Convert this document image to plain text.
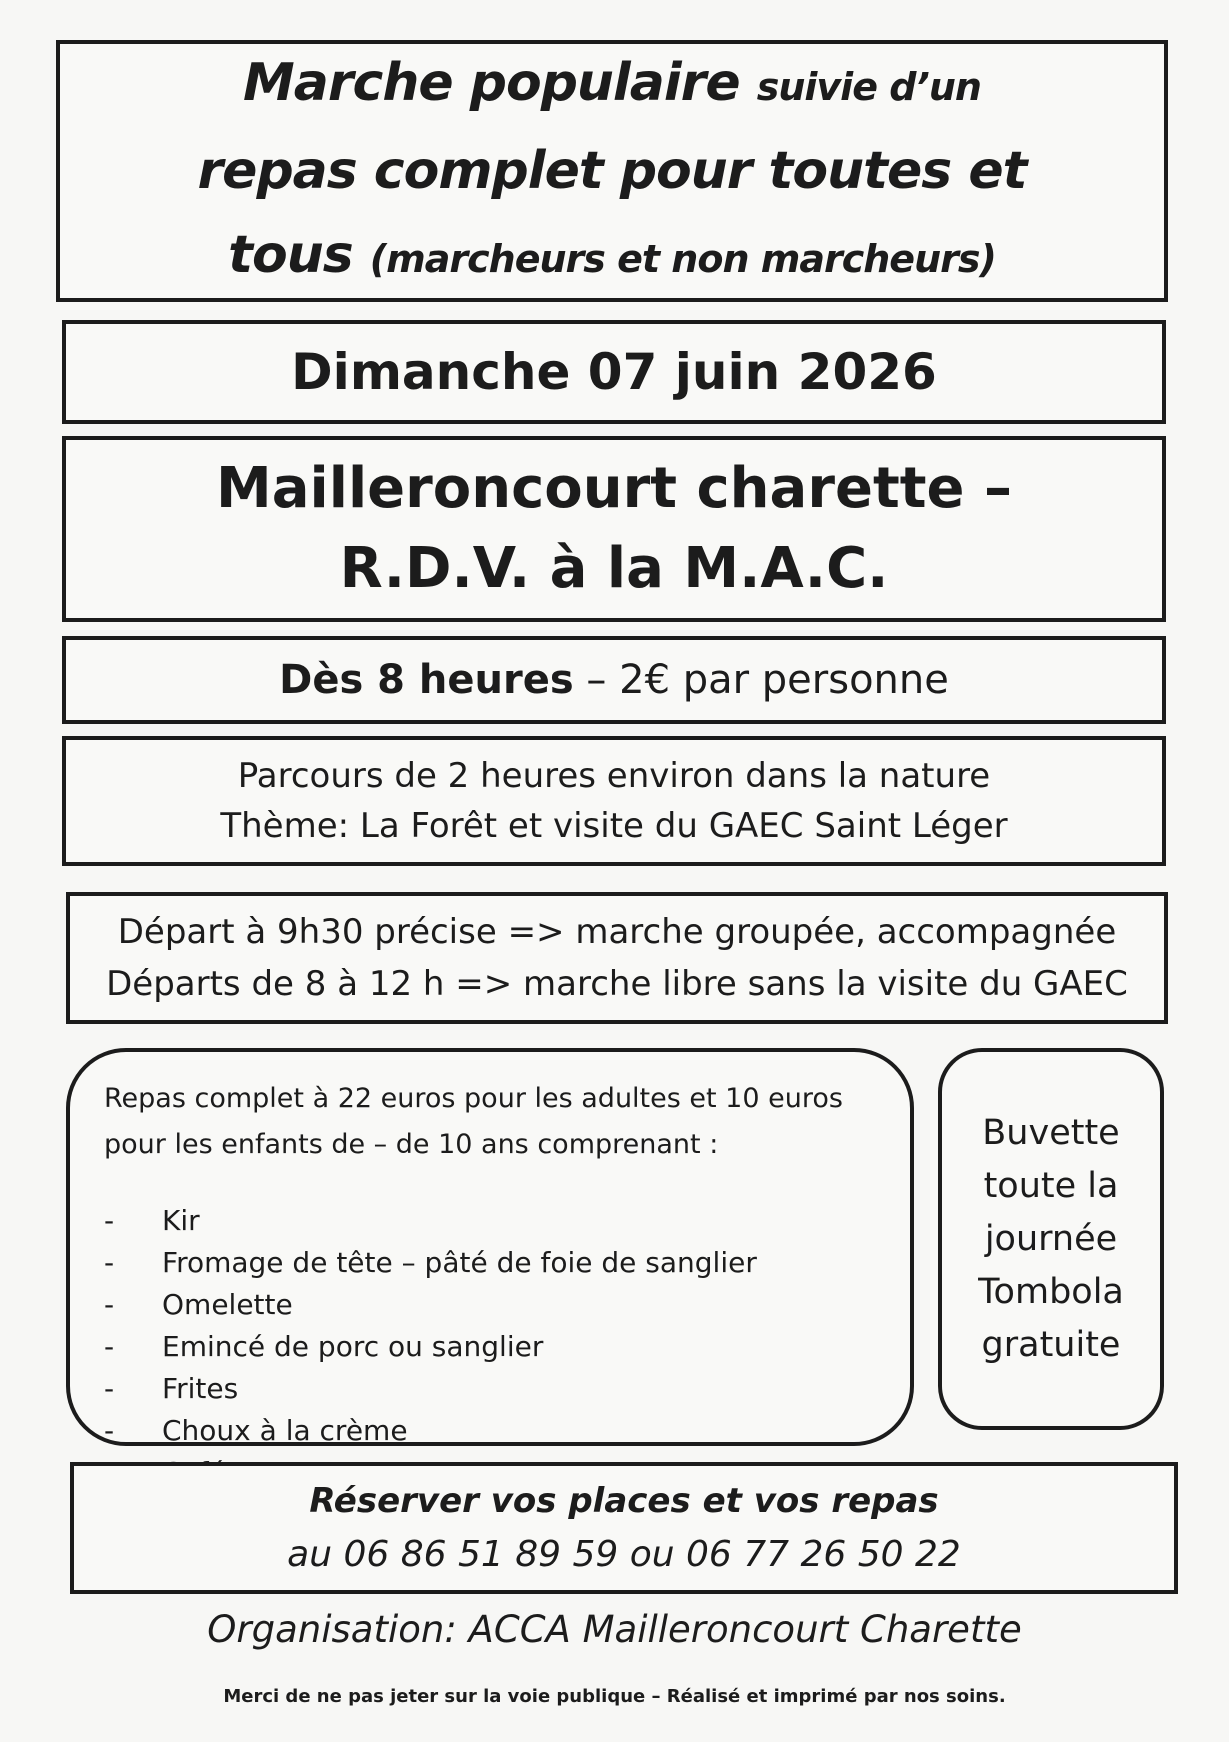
Marche populaire suivie d’un
repas complet pour toutes et
tous (marcheurs et non marcheurs)
Dimanche 07 juin 2026
Mailleroncourt charette –
R.D.V. à la M.A.C.
Dès 8 heures – 2€ par personne
Parcours de 2 heures environ dans la nature
Thème: La Forêt et visite du GAEC Saint Léger
Départ à 9h30 précise => marche groupée, accompagnée
Départs de 8 à 12 h => marche libre sans la visite du GAEC
Repas complet à 22 euros pour les adultes et 10 euros
pour les enfants de – de 10 ans comprenant :
-	Kir
-	Fromage de tête – pâté de foie de sanglier
-	Omelette
-	Emincé de porc ou sanglier
-	Frites
-	Choux à la crème
Buvette
toute la
journée
Tombola
gratuite
Réserver vos places et vos repas
au 06 86 51 89 59 ou 06 77 26 50 22
Organisation: ACCA Mailleroncourt Charette
Merci de ne pas jeter sur la voie publique – Réalisé et imprimé par nos soins.
